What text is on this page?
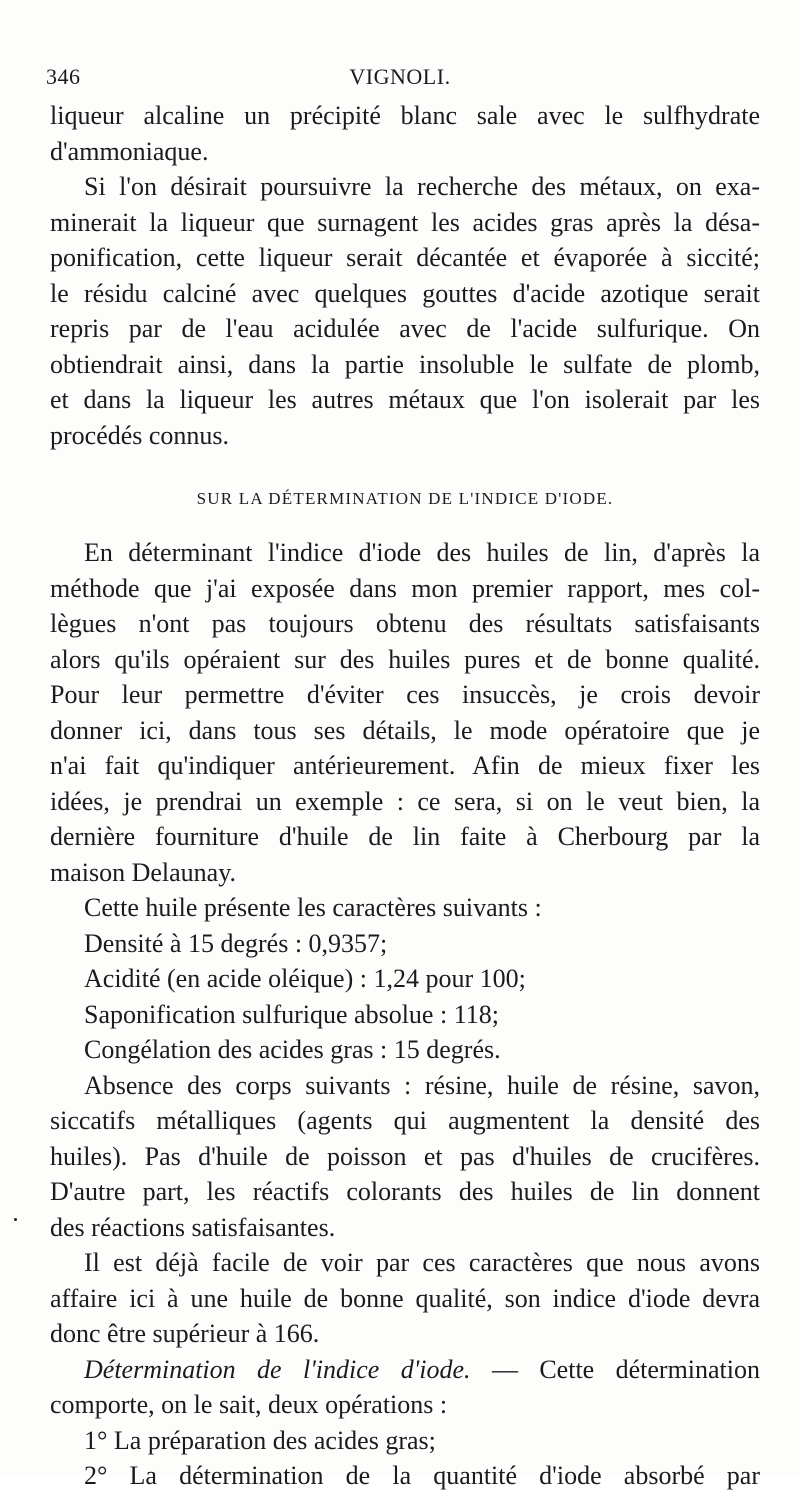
346	VIGNOLI.
liqueur alcaline un précipité blanc sale avec le sulfhydrate
d'ammoniaque.
Si l'on désirait poursuivre la recherche des métaux, on exa-
minerait la liqueur que surnagent les acides gras après la désa-
ponification, cette liqueur serait décantée et évaporée à siccité;
le résidu calciné avec quelques gouttes d'acide azotique serait
repris par de l'eau acidulée avec de l'acide sulfurique. On
obtiendrait ainsi, dans la partie insoluble le sulfate de plomb,
et dans la liqueur les autres métaux que l'on isolerait par les
procédés connus.
SUR LA DÉTERMINATION DE L'INDICE D'IODE.
En déterminant l'indice d'iode des huiles de lin, d'après la
méthode que j'ai exposée dans mon premier rapport, mes col-
lègues n'ont pas toujours obtenu des résultats satisfaisants
alors qu'ils opéraient sur des huiles pures et de bonne qualité.
Pour leur permettre d'éviter ces insuccès, je crois devoir
donner ici, dans tous ses détails, le mode opératoire que je
n'ai fait qu'indiquer antérieurement. Afin de mieux fixer les
idées, je prendrai un exemple : ce sera, si on le veut bien, la
dernière fourniture d'huile de lin faite à Cherbourg par la
maison Delaunay.
Cette huile présente les caractères suivants :
Densité à 15 degrés : 0,9357;
Acidité (en acide oléique) : 1,24 pour 100;
Saponification sulfurique absolue : 118;
Congélation des acides gras : 15 degrés.
Absence des corps suivants : résine, huile de résine, savon,
siccatifs métalliques (agents qui augmentent la densité des
huiles). Pas d'huile de poisson et pas d'huiles de crucifères.
D'autre part, les réactifs colorants des huiles de lin donnent
des réactions satisfaisantes.
Il est déjà facile de voir par ces caractères que nous avons
affaire ici à une huile de bonne qualité, son indice d'iode devra
donc être supérieur à 166.
Détermination de l'indice d'iode. — Cette détermination
comporte, on le sait, deux opérations :
1° La préparation des acides gras;
2° La détermination de la quantité d'iode absorbé par
